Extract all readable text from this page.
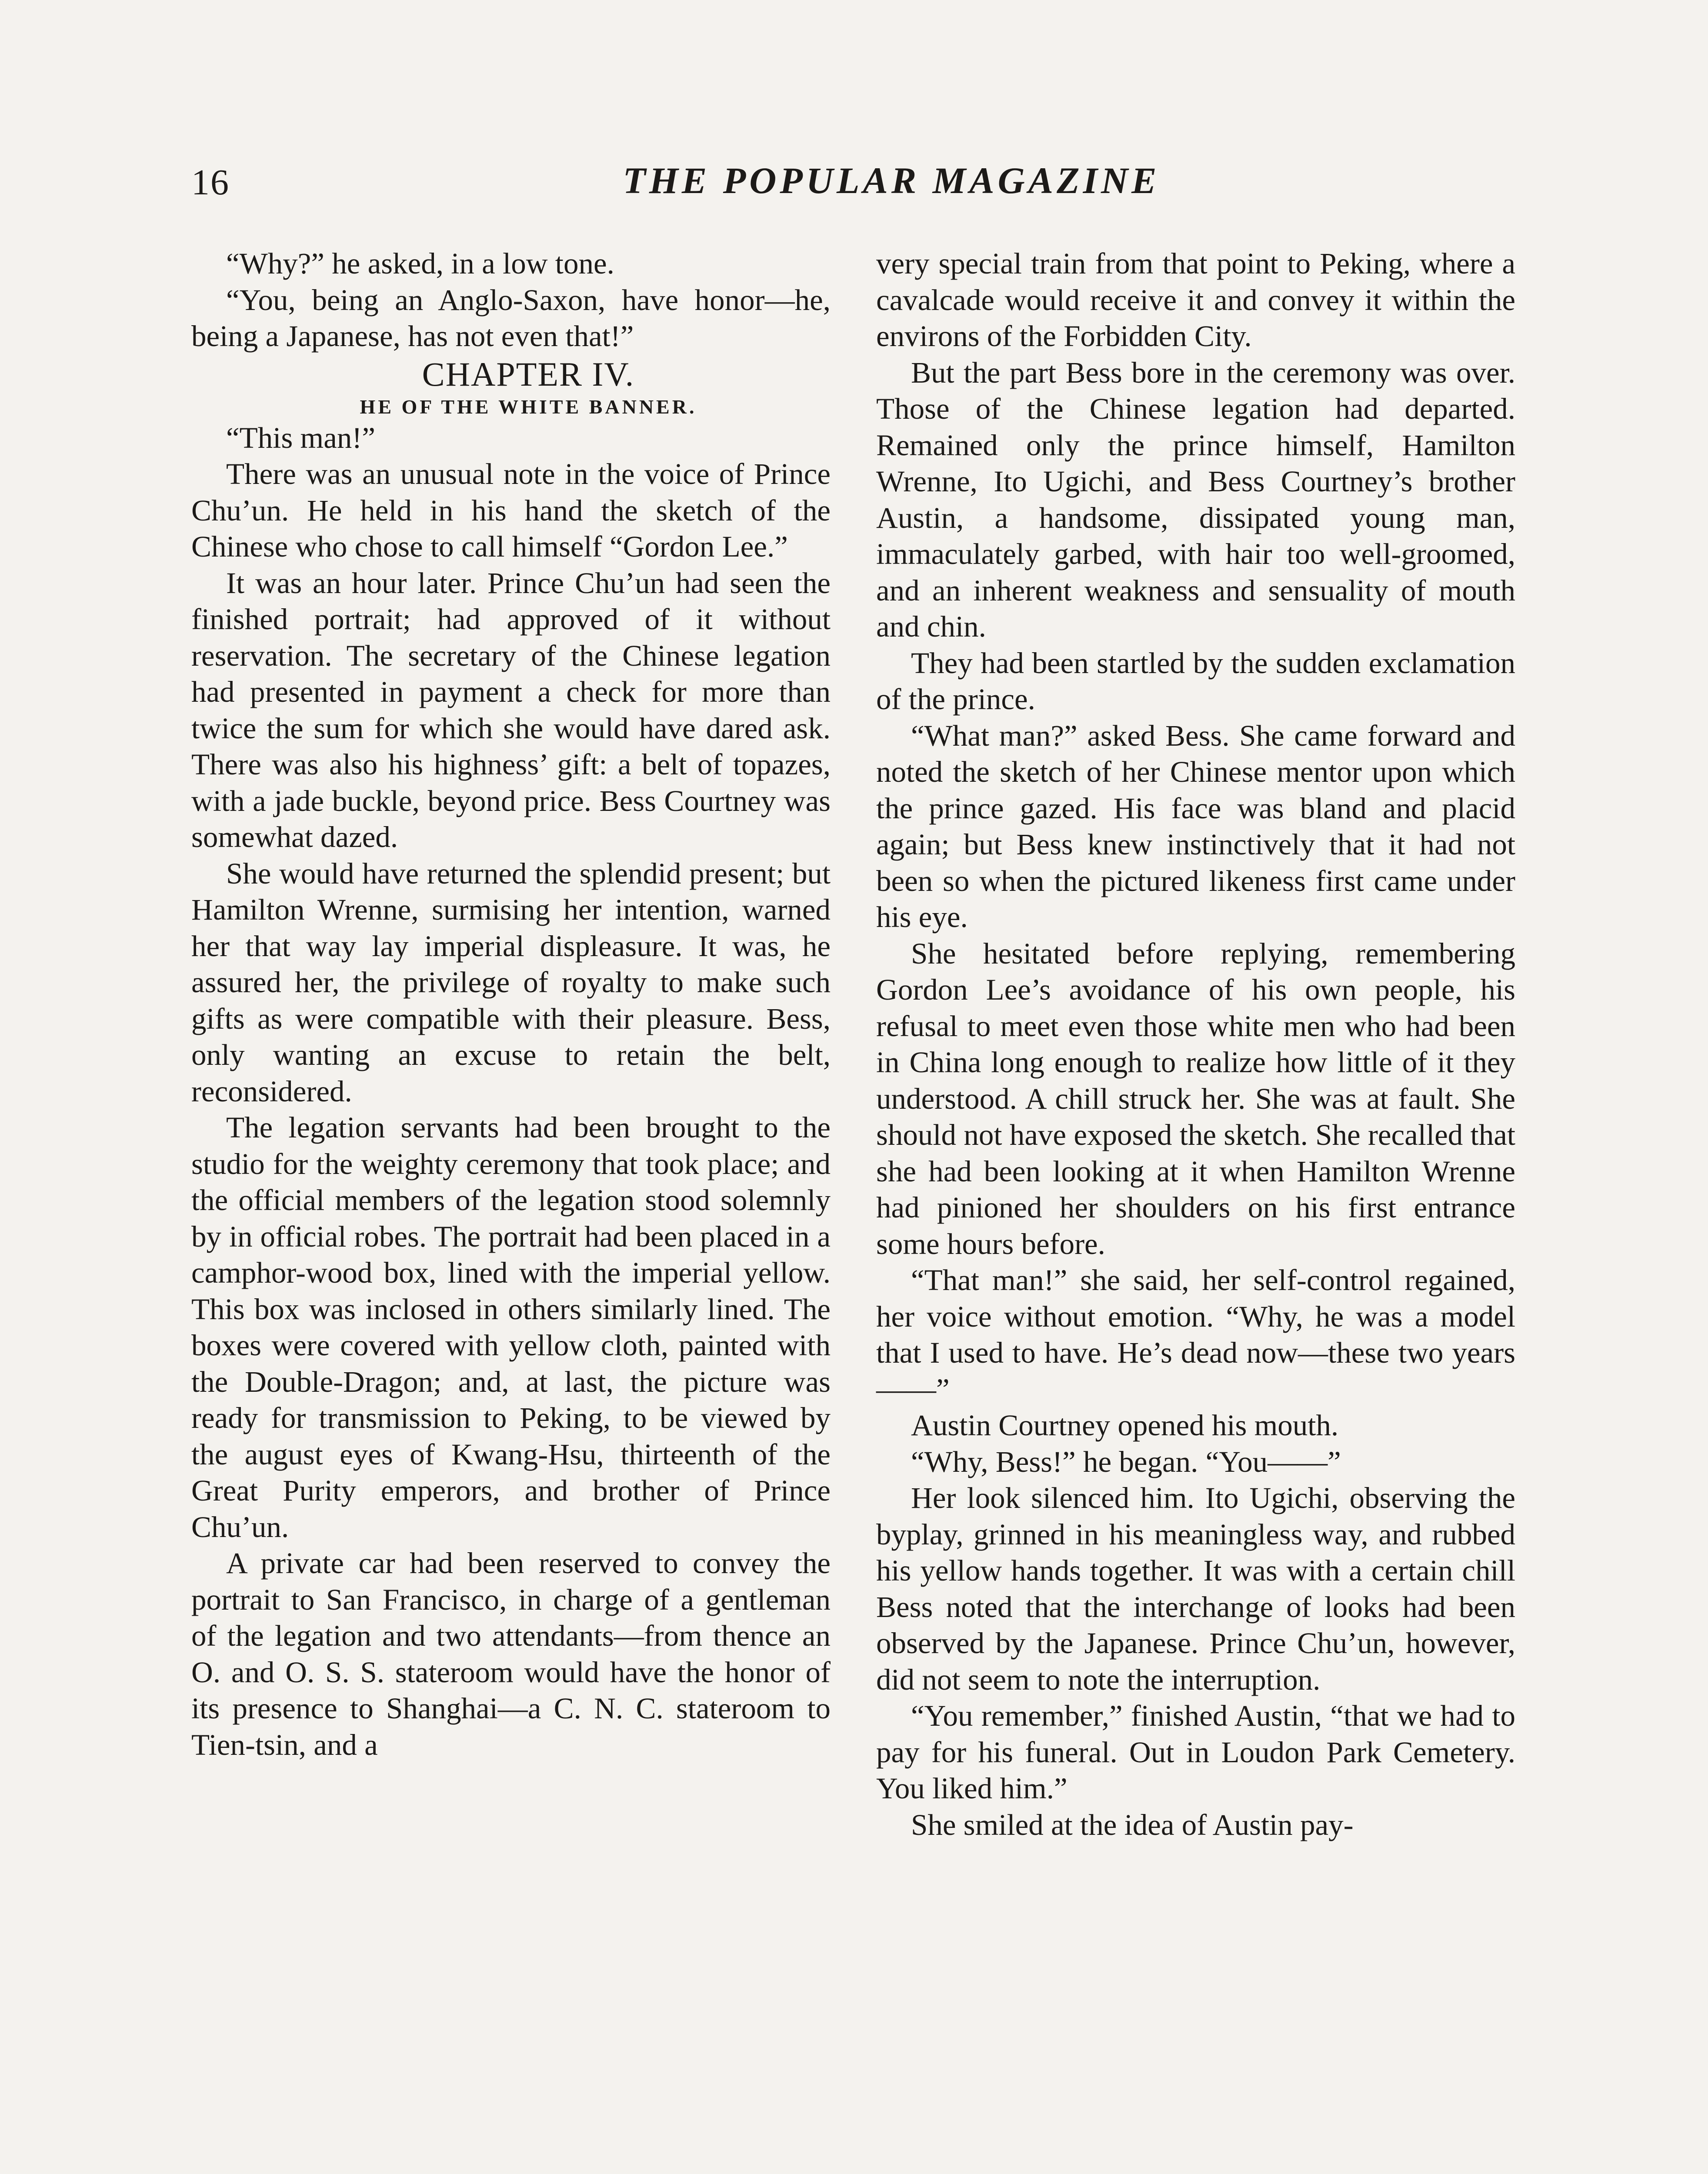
16	THE POPULAR MAGAZINE

“Why?” he asked, in a low tone.

“You, being an Anglo-Saxon, have honor—he, being a Japanese, has not even that!”

CHAPTER IV.

HE OF THE WHITE BANNER.

“This man!”

There was an unusual note in the voice of Prince Chu’un. He held in his hand the sketch of the Chinese who chose to call himself “Gordon Lee.”

It was an hour later. Prince Chu’un had seen the finished portrait; had approved of it without reservation. The secretary of the Chinese legation had presented in payment a check for more than twice the sum for which she would have dared ask. There was also his highness’ gift: a belt of topazes, with a jade buckle, beyond price. Bess Courtney was somewhat dazed.

She would have returned the splendid present; but Hamilton Wrenne, surmising her intention, warned her that way lay imperial displeasure. It was, he assured her, the privilege of royalty to make such gifts as were compatible with their pleasure. Bess, only wanting an excuse to retain the belt, reconsidered.

The legation servants had been brought to the studio for the weighty ceremony that took place; and the official members of the legation stood solemnly by in official robes. The portrait had been placed in a camphor-wood box, lined with the imperial yellow. This box was inclosed in others similarly lined. The boxes were covered with yellow cloth, painted with the Double-Dragon; and, at last, the picture was ready for transmission to Peking, to be viewed by the august eyes of Kwang-Hsu, thirteenth of the Great Purity emperors, and brother of Prince Chu’un.

A private car had been reserved to convey the portrait to San Francisco, in charge of a gentleman of the legation and two attendants—from thence an O. and O. S. S. stateroom would have the honor of its presence to Shanghai—a C. N. C. stateroom to Tien-tsin, and a

very special train from that point to Peking, where a cavalcade would receive it and convey it within the environs of the Forbidden City.

But the part Bess bore in the ceremony was over. Those of the Chinese legation had departed. Remained only the prince himself, Hamilton Wrenne, Ito Ugichi, and Bess Courtney’s brother Austin, a handsome, dissipated young man, immaculately garbed, with hair too well-groomed, and an inherent weakness and sensuality of mouth and chin.

They had been startled by the sudden exclamation of the prince.

“What man?” asked Bess. She came forward and noted the sketch of her Chinese mentor upon which the prince gazed. His face was bland and placid again; but Bess knew instinctively that it had not been so when the pictured likeness first came under his eye.

She hesitated before replying, remembering Gordon Lee’s avoidance of his own people, his refusal to meet even those white men who had been in China long enough to realize how little of it they understood. A chill struck her. She was at fault. She should not have exposed the sketch. She recalled that she had been looking at it when Hamilton Wrenne had pinioned her shoulders on his first entrance some hours before.

“That man!” she said, her self-control regained, her voice without emotion. “Why, he was a model that I used to have. He’s dead now—these two years——”

Austin Courtney opened his mouth.

“Why, Bess!” he began. “You——”

Her look silenced him. Ito Ugichi, observing the byplay, grinned in his meaningless way, and rubbed his yellow hands together. It was with a certain chill Bess noted that the interchange of looks had been observed by the Japanese. Prince Chu’un, however, did not seem to note the interruption.

“You remember,” finished Austin, “that we had to pay for his funeral. Out in Loudon Park Cemetery. You liked him.”

She smiled at the idea of Austin pay-
